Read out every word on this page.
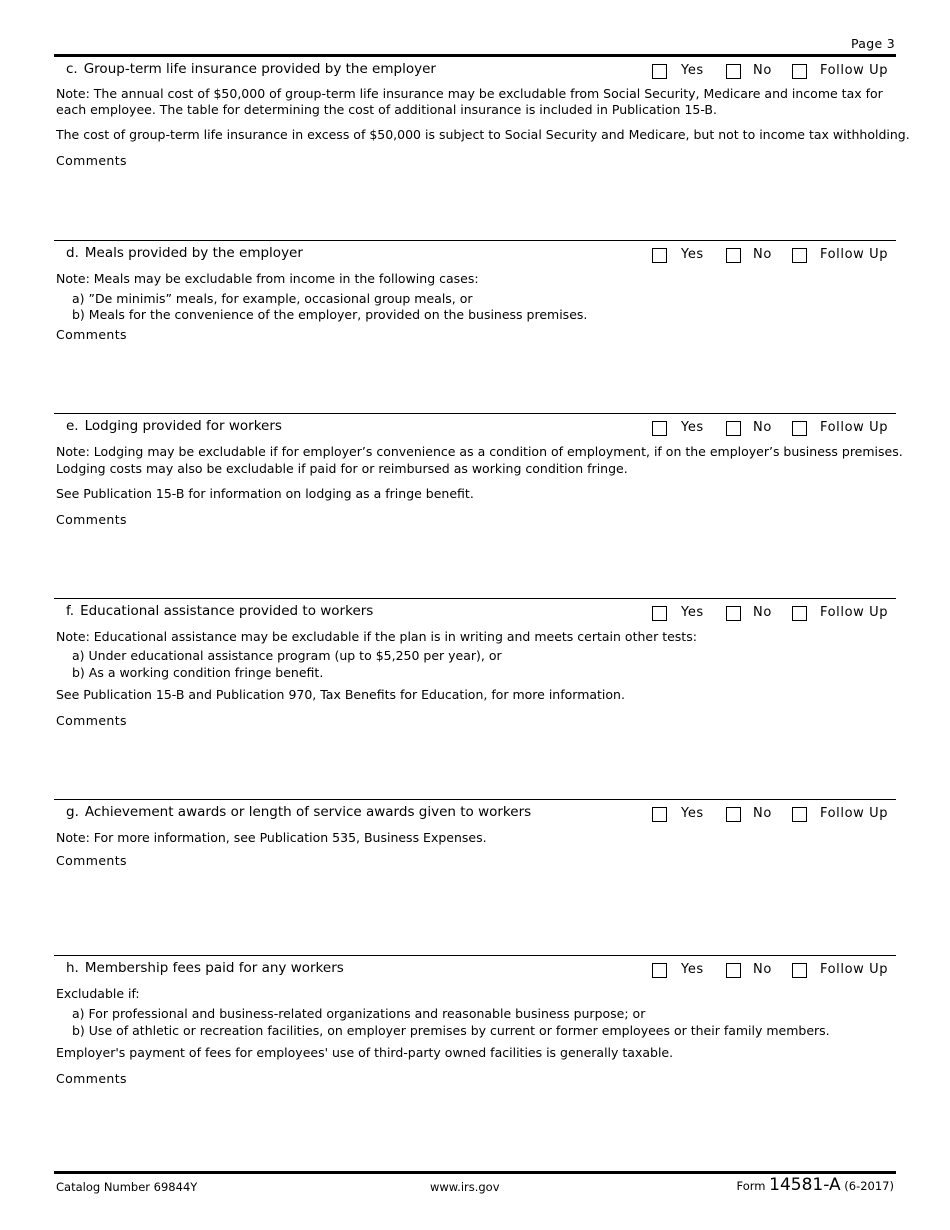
Page 3
c. Group-term life insurance provided by the employer	Yes	No	Follow Up
Note: The annual cost of $50,000 of group-term life insurance may be excludable from Social Security, Medicare and income tax for
each employee. The table for determining the cost of additional insurance is included in Publication 15-B.
The cost of group-term life insurance in excess of $50,000 is subject to Social Security and Medicare, but not to income tax withholding.
Comments
d. Meals provided by the employer	Yes	No	Follow Up
Note: Meals may be excludable from income in the following cases:
a) ”De minimis” meals, for example, occasional group meals, or
b) Meals for the convenience of the employer, provided on the business premises.
Comments
e. Lodging provided for workers	Yes	No	Follow Up
Note: Lodging may be excludable if for employer’s convenience as a condition of employment, if on the employer’s business premises.
Lodging costs may also be excludable if paid for or reimbursed as working condition fringe.
See Publication 15-B for information on lodging as a fringe benefit.
Comments
f. Educational assistance provided to workers	Yes	No	Follow Up
Note: Educational assistance may be excludable if the plan is in writing and meets certain other tests:
a) Under educational assistance program (up to $5,250 per year), or
b) As a working condition fringe benefit.
See Publication 15-B and Publication 970, Tax Benefits for Education, for more information.
Comments
g. Achievement awards or length of service awards given to workers	Yes	No	Follow Up
Note: For more information, see Publication 535, Business Expenses.
Comments
h. Membership fees paid for any workers	Yes	No	Follow Up
Excludable if:
a) For professional and business-related organizations and reasonable business purpose; or
b) Use of athletic or recreation facilities, on employer premises by current or former employees or their family members.
Employer's payment of fees for employees' use of third-party owned facilities is generally taxable.
Comments
Catalog Number 69844Y	www.irs.gov	Form 14581-A (6-2017)
